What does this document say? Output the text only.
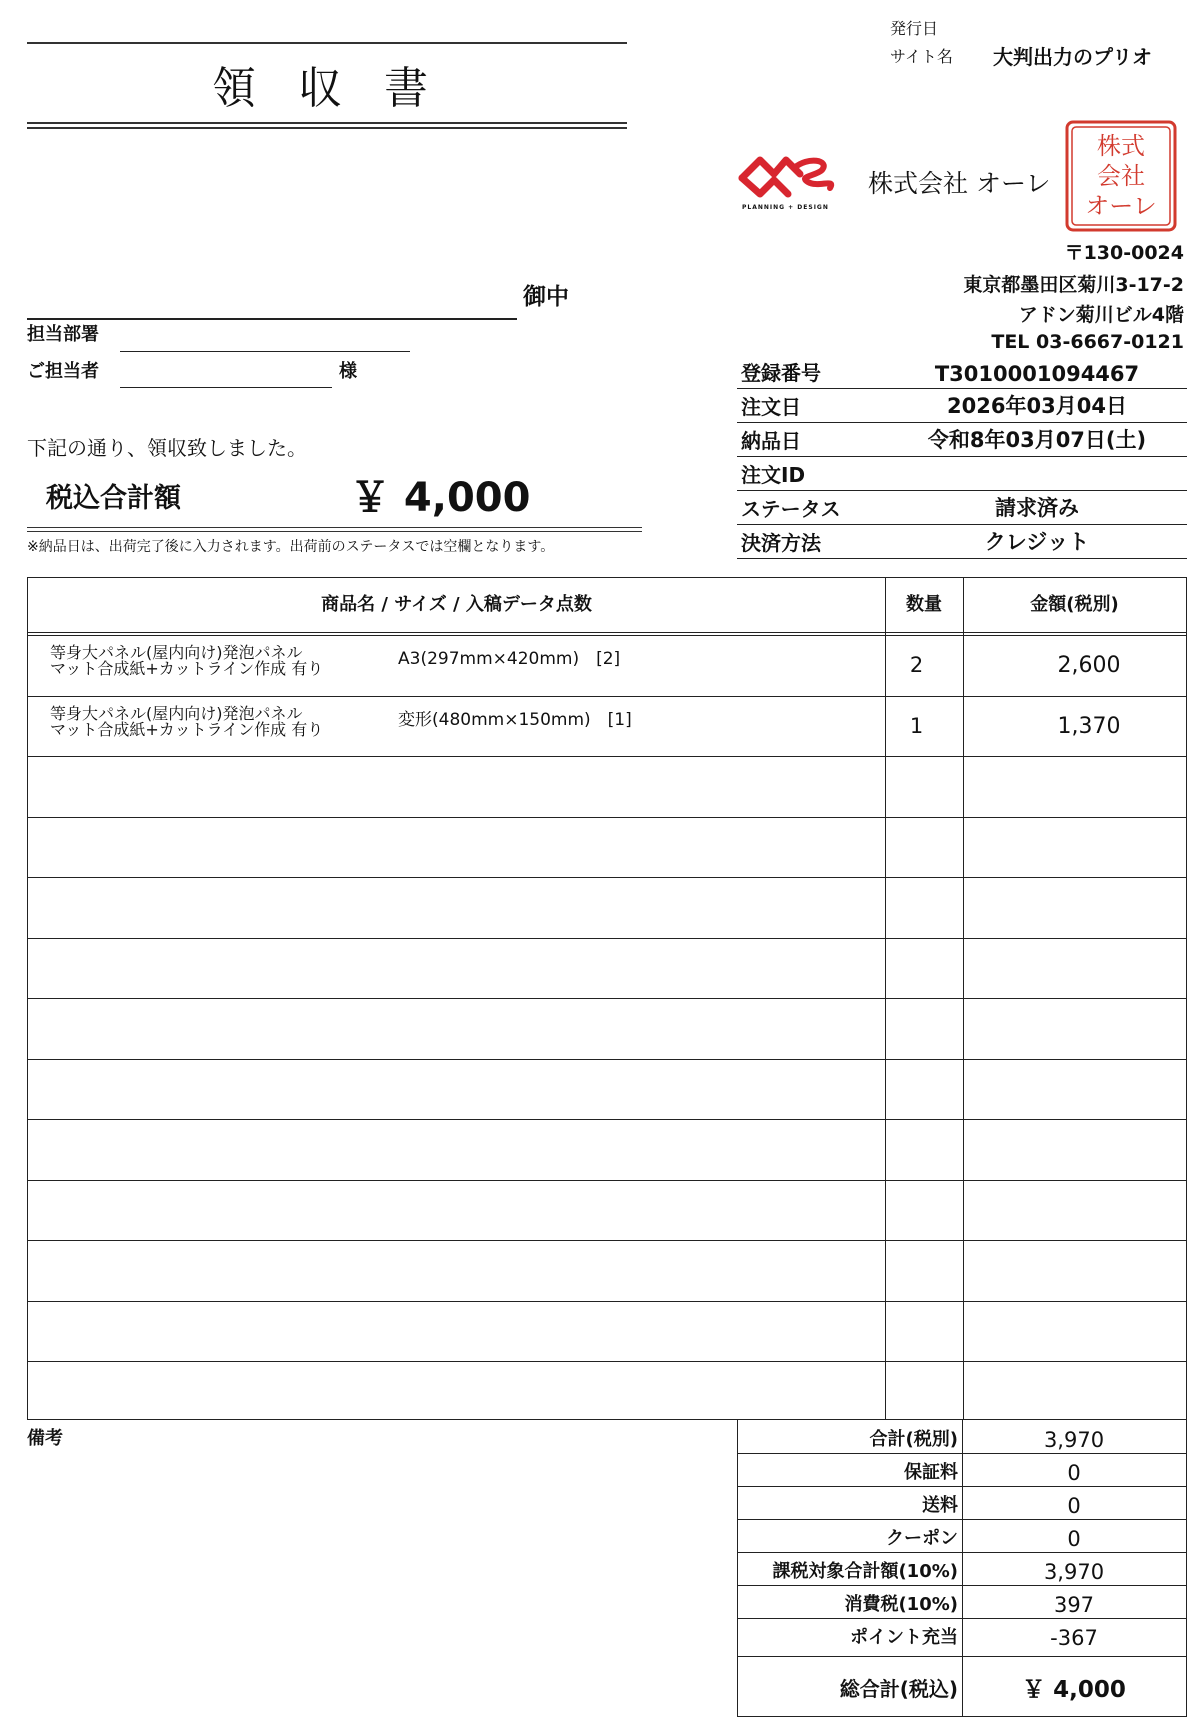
領 収 書
発行日
サイト名 大判出力のプリオ
PLANNING + DESIGN
株式会社 オーレ
株式
会社
オーレ
〒130-0024
東京都墨田区菊川3-17-2
アドン菊川ビル4階
TEL 03-6667-0121
御中
担当部署
ご担当者	様
下記の通り、領収致しました。
税込合計額	￥ 4,000
※納品日は、出荷完了後に入力されます。出荷前のステータスでは空欄となります。
登録番号	T3010001094467
注文日	2026年03月04日
納品日	令和8年03月07日(土)
注文ID
ステータス	請求済み
決済方法	クレジット
商品名 / サイズ / 入稿データ点数	数量	金額(税別)
等身大パネル(屋内向け)発泡パネル
マット合成紙+カットライン作成 有り	A3(297mm×420mm)　[2]	2	2,600
等身大パネル(屋内向け)発泡パネル
マット合成紙+カットライン作成 有り	変形(480mm×150mm)　[1]	1	1,370
備考	合計(税別)	3,970
保証料	0
送料	0
クーポン	0
課税対象合計額(10%)	3,970
消費税(10%)	397
ポイント充当	-367
総合計(税込)	￥ 4,000
